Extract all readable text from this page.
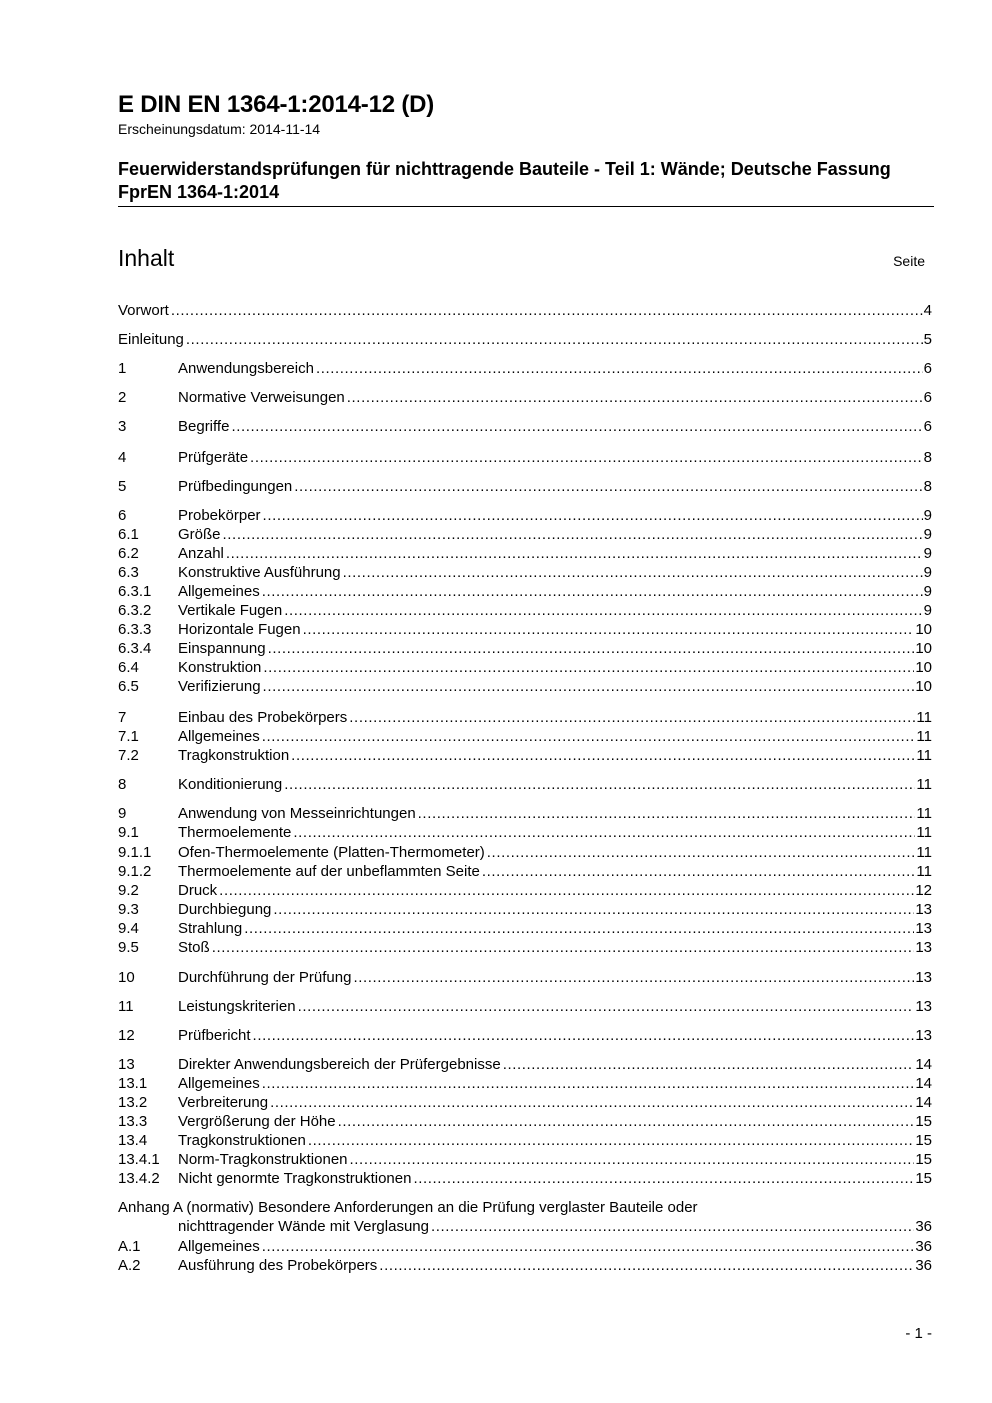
E DIN EN 1364-1:2014-12 (D)
Erscheinungsdatum: 2014-11-14
Feuerwiderstandsprüfungen für nichttragende Bauteile - Teil 1: Wände; Deutsche Fassung FprEN 1364-1:2014
Inhalt	Seite
Vorwort .....	4
Einleitung .....	5
1	Anwendungsbereich .....	6
2	Normative Verweisungen .....	6
3	Begriffe .....	6
4	Prüfgeräte .....	8
5	Prüfbedingungen .....	8
6	Probekörper .....	9
6.1	Größe .....	9
6.2	Anzahl .....	9
6.3	Konstruktive Ausführung .....	9
6.3.1	Allgemeines .....	9
6.3.2	Vertikale Fugen .....	9
6.3.3	Horizontale Fugen .....	10
6.3.4	Einspannung .....	10
6.4	Konstruktion .....	10
6.5	Verifizierung .....	10
7	Einbau des Probekörpers .....	11
7.1	Allgemeines .....	11
7.2	Tragkonstruktion .....	11
8	Konditionierung .....	11
9	Anwendung von Messeinrichtungen .....	11
9.1	Thermoelemente .....	11
9.1.1	Ofen-Thermoelemente (Platten-Thermometer) .....	11
9.1.2	Thermoelemente auf der unbeflammten Seite .....	11
9.2	Druck .....	12
9.3	Durchbiegung .....	13
9.4	Strahlung .....	13
9.5	Stoß .....	13
10	Durchführung der Prüfung .....	13
11	Leistungskriterien .....	13
12	Prüfbericht .....	13
13	Direkter Anwendungsbereich der Prüfergebnisse .....	14
13.1	Allgemeines .....	14
13.2	Verbreiterung .....	14
13.3	Vergrößerung der Höhe .....	15
13.4	Tragkonstruktionen .....	15
13.4.1	Norm-Tragkonstruktionen .....	15
13.4.2	Nicht genormte Tragkonstruktionen .....	15
Anhang A (normativ) Besondere Anforderungen an die Prüfung verglaster Bauteile oder
nichttragender Wände mit Verglasung .....	36
A.1	Allgemeines .....	36
A.2	Ausführung des Probekörpers .....	36
- 1 -
